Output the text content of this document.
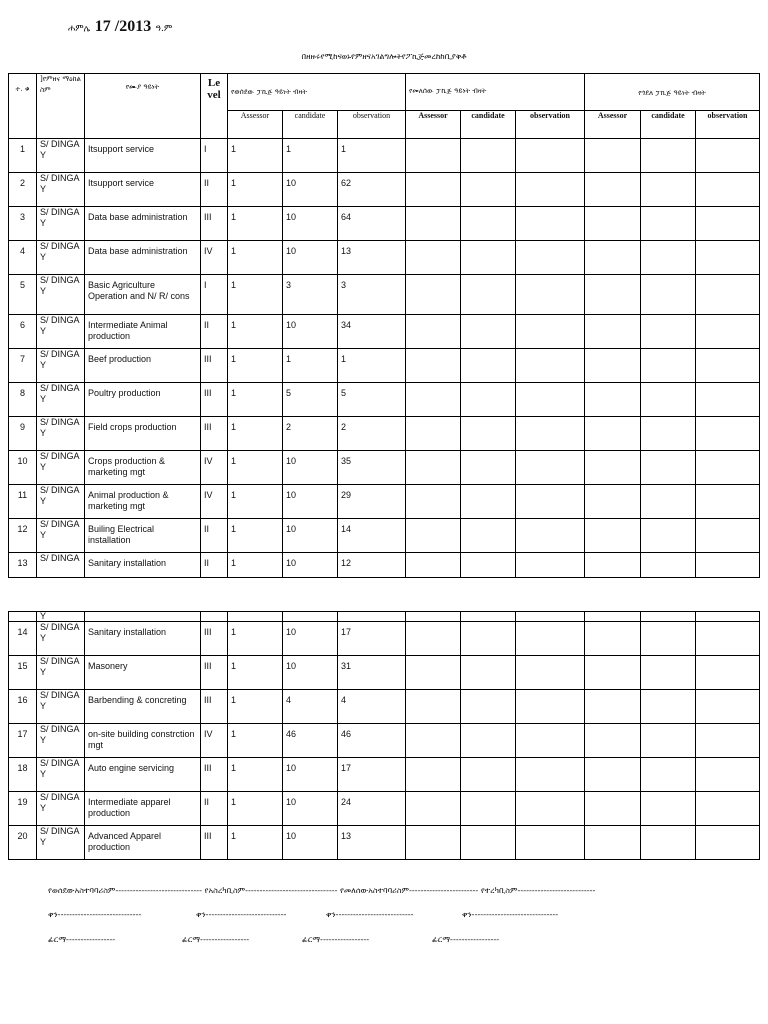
ሐምሌ 17 /2013 ዓ.ም
በዘዙሩየሚከናወኑየምዘናአገልግሎትየፖኪጅመረከከቢያቅቶ
ተ. ቁ	]የምዘና ማዕከል ስም	የሙያ ዓይነት	Le vel	የወሰደው ፓኪጅ ዓይነት ብዛት			የመለሰው ፓኪጅ ዓይነት ብዛት			የጎደለ ፓኪጅ ዓይነት ብዛት		
				Assessor	candidate	observation	Assessor	candidate	observation	Assessor	candidate	observation
1	S/ DINGA Y	Itsupport service	I	1	1	1						
2	S/ DINGA Y	Itsupport service	II	1	10	62						
3	S/ DINGA Y	Data base administration	III	1	10	64						
4	S/ DINGA Y	Data base administration	IV	1	10	13						
5	S/ DINGA Y	Basic Agriculture Operation and N/ R/ cons	I	1	3	3						
6	S/ DINGA Y	Intermediate Animal production	II	1	10	34						
7	S/ DINGA Y	Beef production	III	1	1	1						
8	S/ DINGA Y	Poultry production	III	1	5	5						
9	S/ DINGA Y	Field crops production	III	1	2	2						
10	S/ DINGA Y	Crops production & marketing mgt	IV	1	10	35						
11	S/ DINGA Y	Animal production & marketing mgt	IV	1	10	29						
12	S/ DINGA Y	Builing Electrical installation	II	1	10	14						
13	S/ DINGA	Sanitary installation	II	1	10	12						
	Y											
14	S/ DINGA Y	Sanitary installation	III	1	10	17						
15	S/ DINGA Y	Masonery	III	1	10	31						
16	S/ DINGA Y	Barbending & concreting	III	1	4	4						
17	S/ DINGA Y	on-site building constrction mgt	IV	1	46	46						
18	S/ DINGA Y	Auto engine servicing	III	1	10	17						
19	S/ DINGA Y	Intermediate apparel production	II	1	10	24						
20	S/ DINGA Y	Advanced Apparel production	III	1	10	13						
የወሰደውአስተባባሪስም------------------------------ የአስረካቢስም-------------------------------- የመለሰውአስተባባሪስም------------------------ የተረካቢስም---------------------------
ቀን-----------------------------	ቀን----------------------------	ቀን---------------------------	ቀን------------------------------
ፊርማ-----------------	ፊርማ-----------------	ፊርማ-----------------	ፊርማ-----------------
